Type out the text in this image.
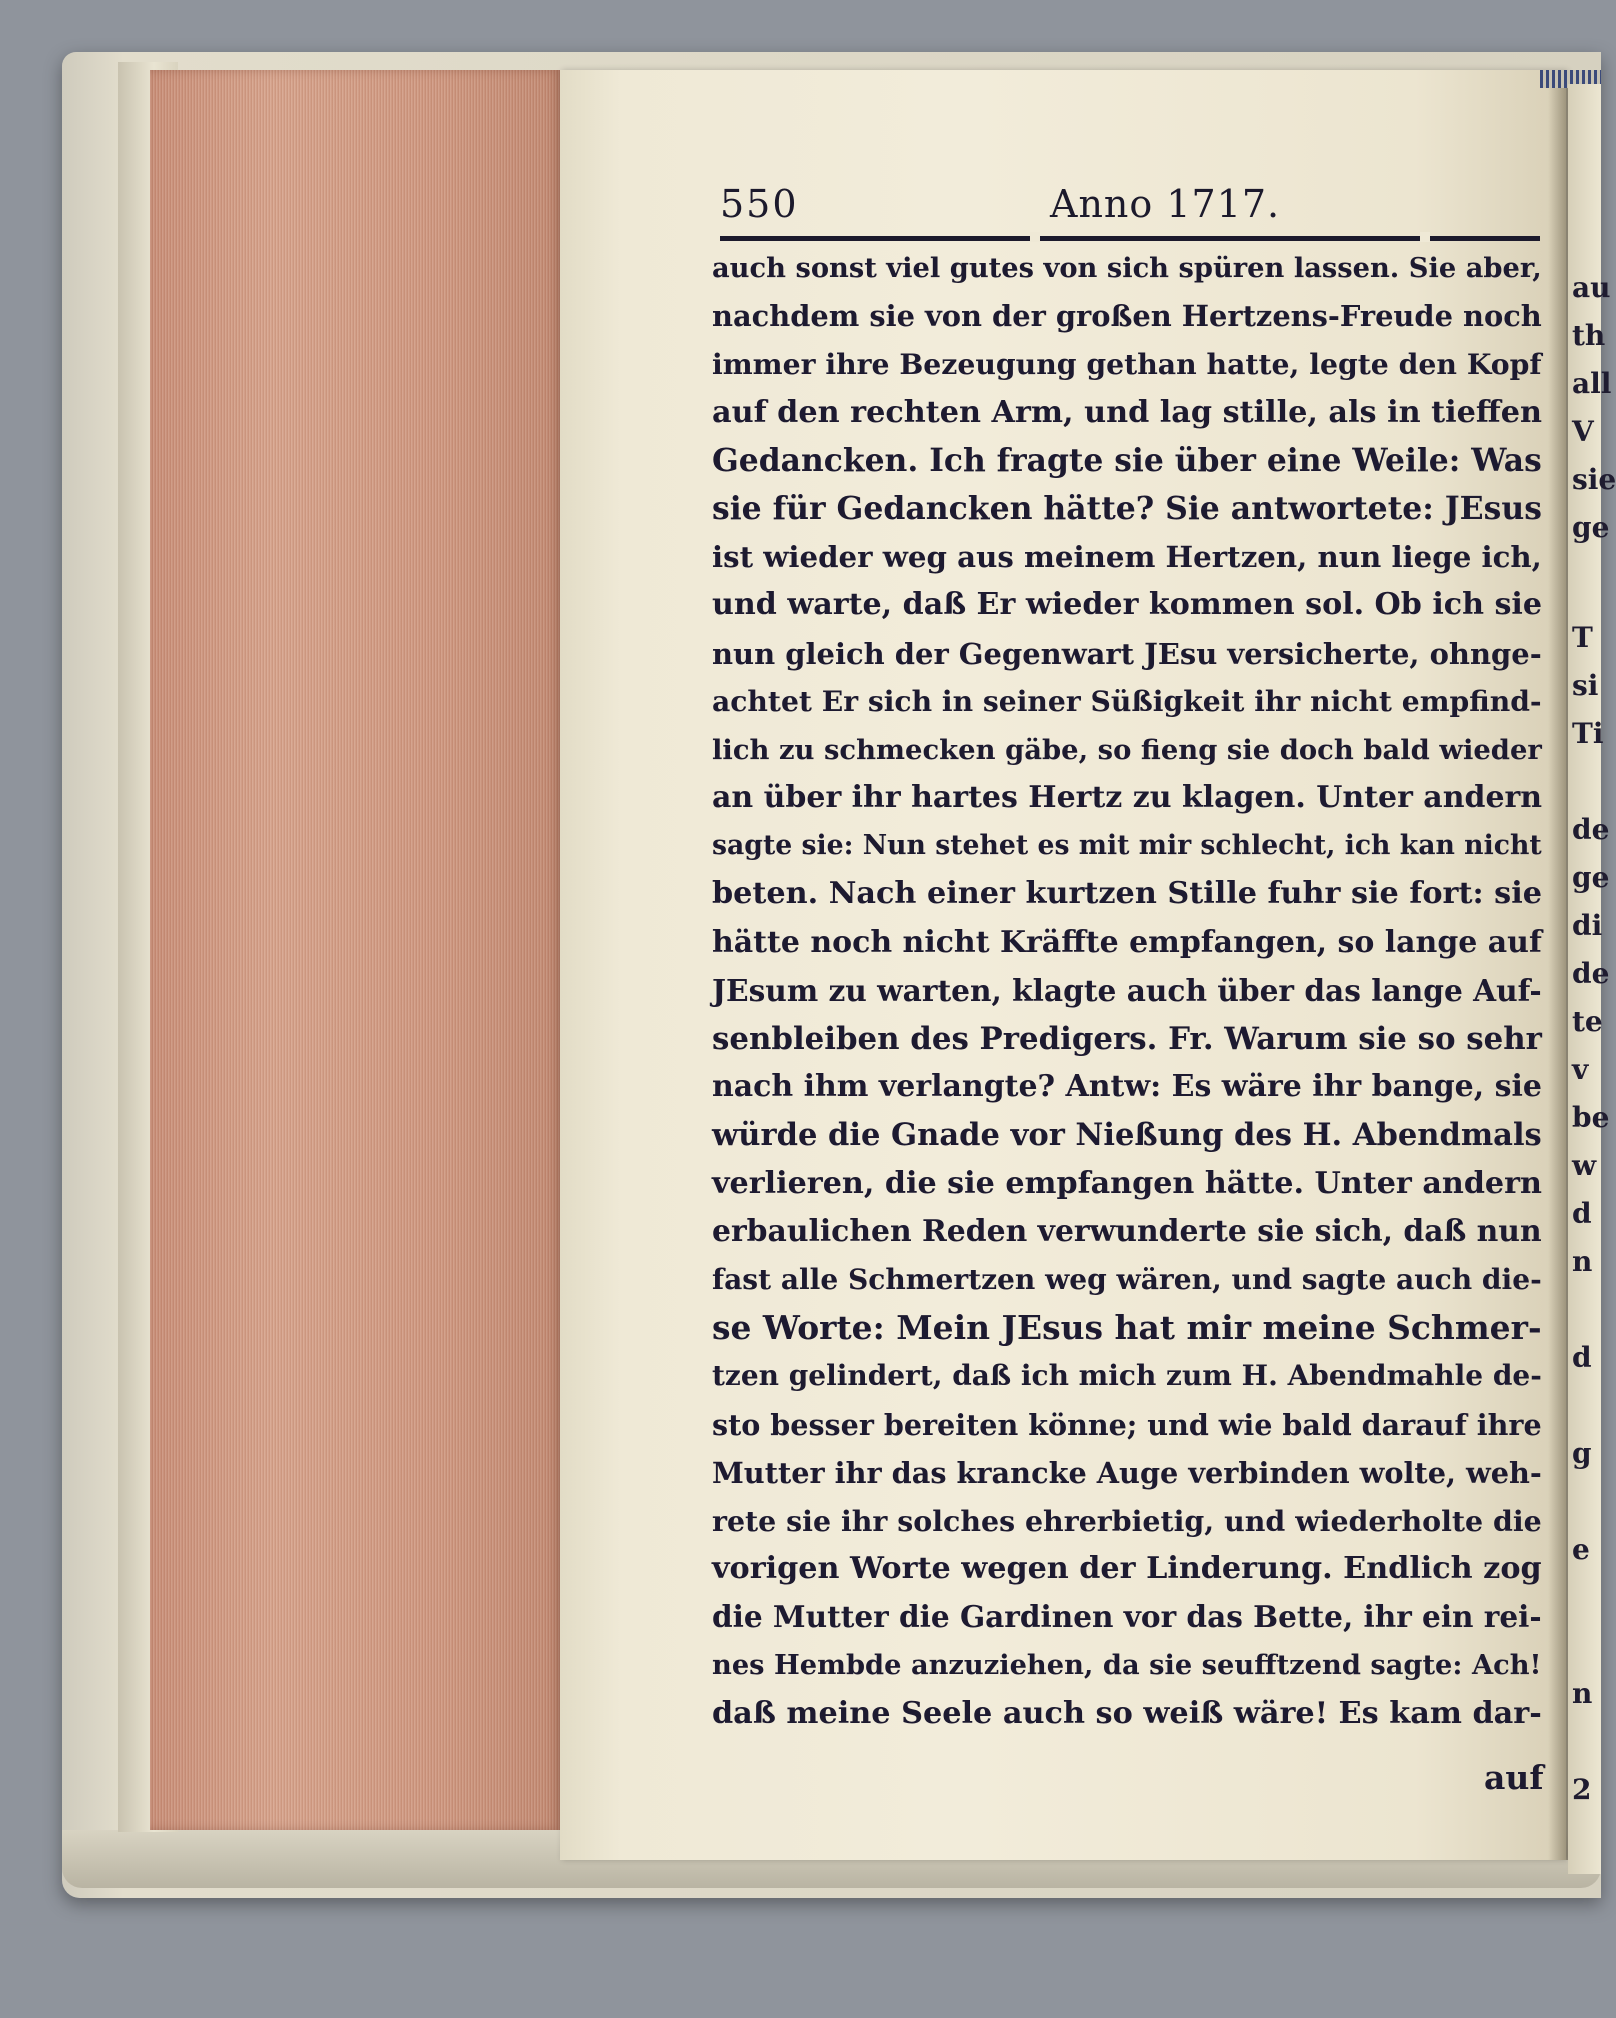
au
th
all
V
sie
ge
T
si
Ti
de
ge
di
de
te
v
be
w
d
n
d
g
e
n
2
550	Anno 1717.
auch sonst viel gutes von sich spüren lassen. Sie aber,
nachdem sie von der großen Hertzens-Freude noch
immer ihre Bezeugung gethan hatte, legte den Kopf
auf den rechten Arm, und lag stille, als in tieffen
Gedancken. Ich fragte sie über eine Weile: Was
sie für Gedancken hätte? Sie antwortete: JEsus
ist wieder weg aus meinem Hertzen, nun liege ich,
und warte, daß Er wieder kommen sol. Ob ich sie
nun gleich der Gegenwart JEsu versicherte, ohnge-
achtet Er sich in seiner Süßigkeit ihr nicht empfind-
lich zu schmecken gäbe, so fieng sie doch bald wieder
an über ihr hartes Hertz zu klagen. Unter andern
sagte sie: Nun stehet es mit mir schlecht, ich kan nicht
beten. Nach einer kurtzen Stille fuhr sie fort: sie
hätte noch nicht Kräffte empfangen, so lange auf
JEsum zu warten, klagte auch über das lange Auf-
senbleiben des Predigers. Fr. Warum sie so sehr
nach ihm verlangte? Antw: Es wäre ihr bange, sie
würde die Gnade vor Nießung des H. Abendmals
verlieren, die sie empfangen hätte. Unter andern
erbaulichen Reden verwunderte sie sich, daß nun
fast alle Schmertzen weg wären, und sagte auch die-
se Worte: Mein JEsus hat mir meine Schmer-
tzen gelindert, daß ich mich zum H. Abendmahle de-
sto besser bereiten könne; und wie bald darauf ihre
Mutter ihr das krancke Auge verbinden wolte, weh-
rete sie ihr solches ehrerbietig, und wiederholte die
vorigen Worte wegen der Linderung. Endlich zog
die Mutter die Gardinen vor das Bette, ihr ein rei-
nes Hembde anzuziehen, da sie seufftzend sagte: Ach!
daß meine Seele auch so weiß wäre! Es kam dar-
auf
